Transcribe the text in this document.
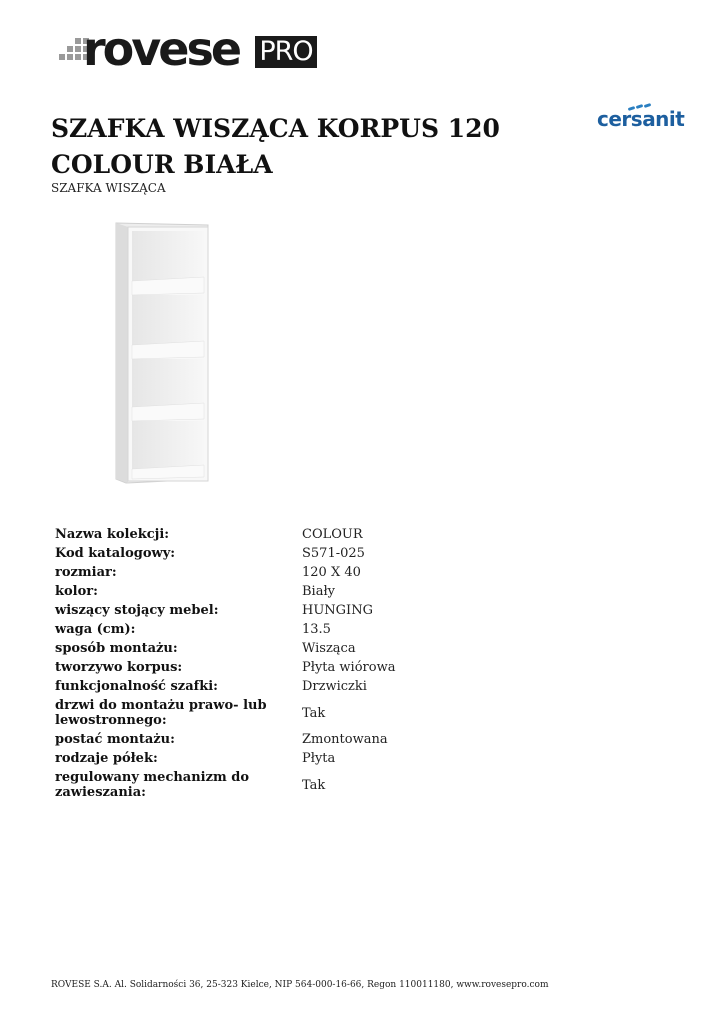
rovese PRO
cersanit
SZAFKA WISZĄCA KORPUS 120 COLOUR BIAŁA

SZAFKA WISZĄCA

Nazwa kolekcji:	COLOUR
Kod katalogowy:	S571-025
rozmiar:	120 X 40
kolor:	Biały
wiszący stojący mebel:	HUNGING
waga (cm):	13.5
sposób montażu:	Wisząca
tworzywo korpus:	Płyta wiórowa
funkcjonalność szafki:	Drzwiczki
drzwi do montażu prawo- lub lewostronnego:	Tak
postać montażu:	Zmontowana
rodzaje półek:	Płyta
regulowany mechanizm do zawieszania:	Tak

ROVESE S.A. Al. Solidarności 36, 25-323 Kielce, NIP 564-000-16-66, Regon 110011180, www.rovesepro.com
